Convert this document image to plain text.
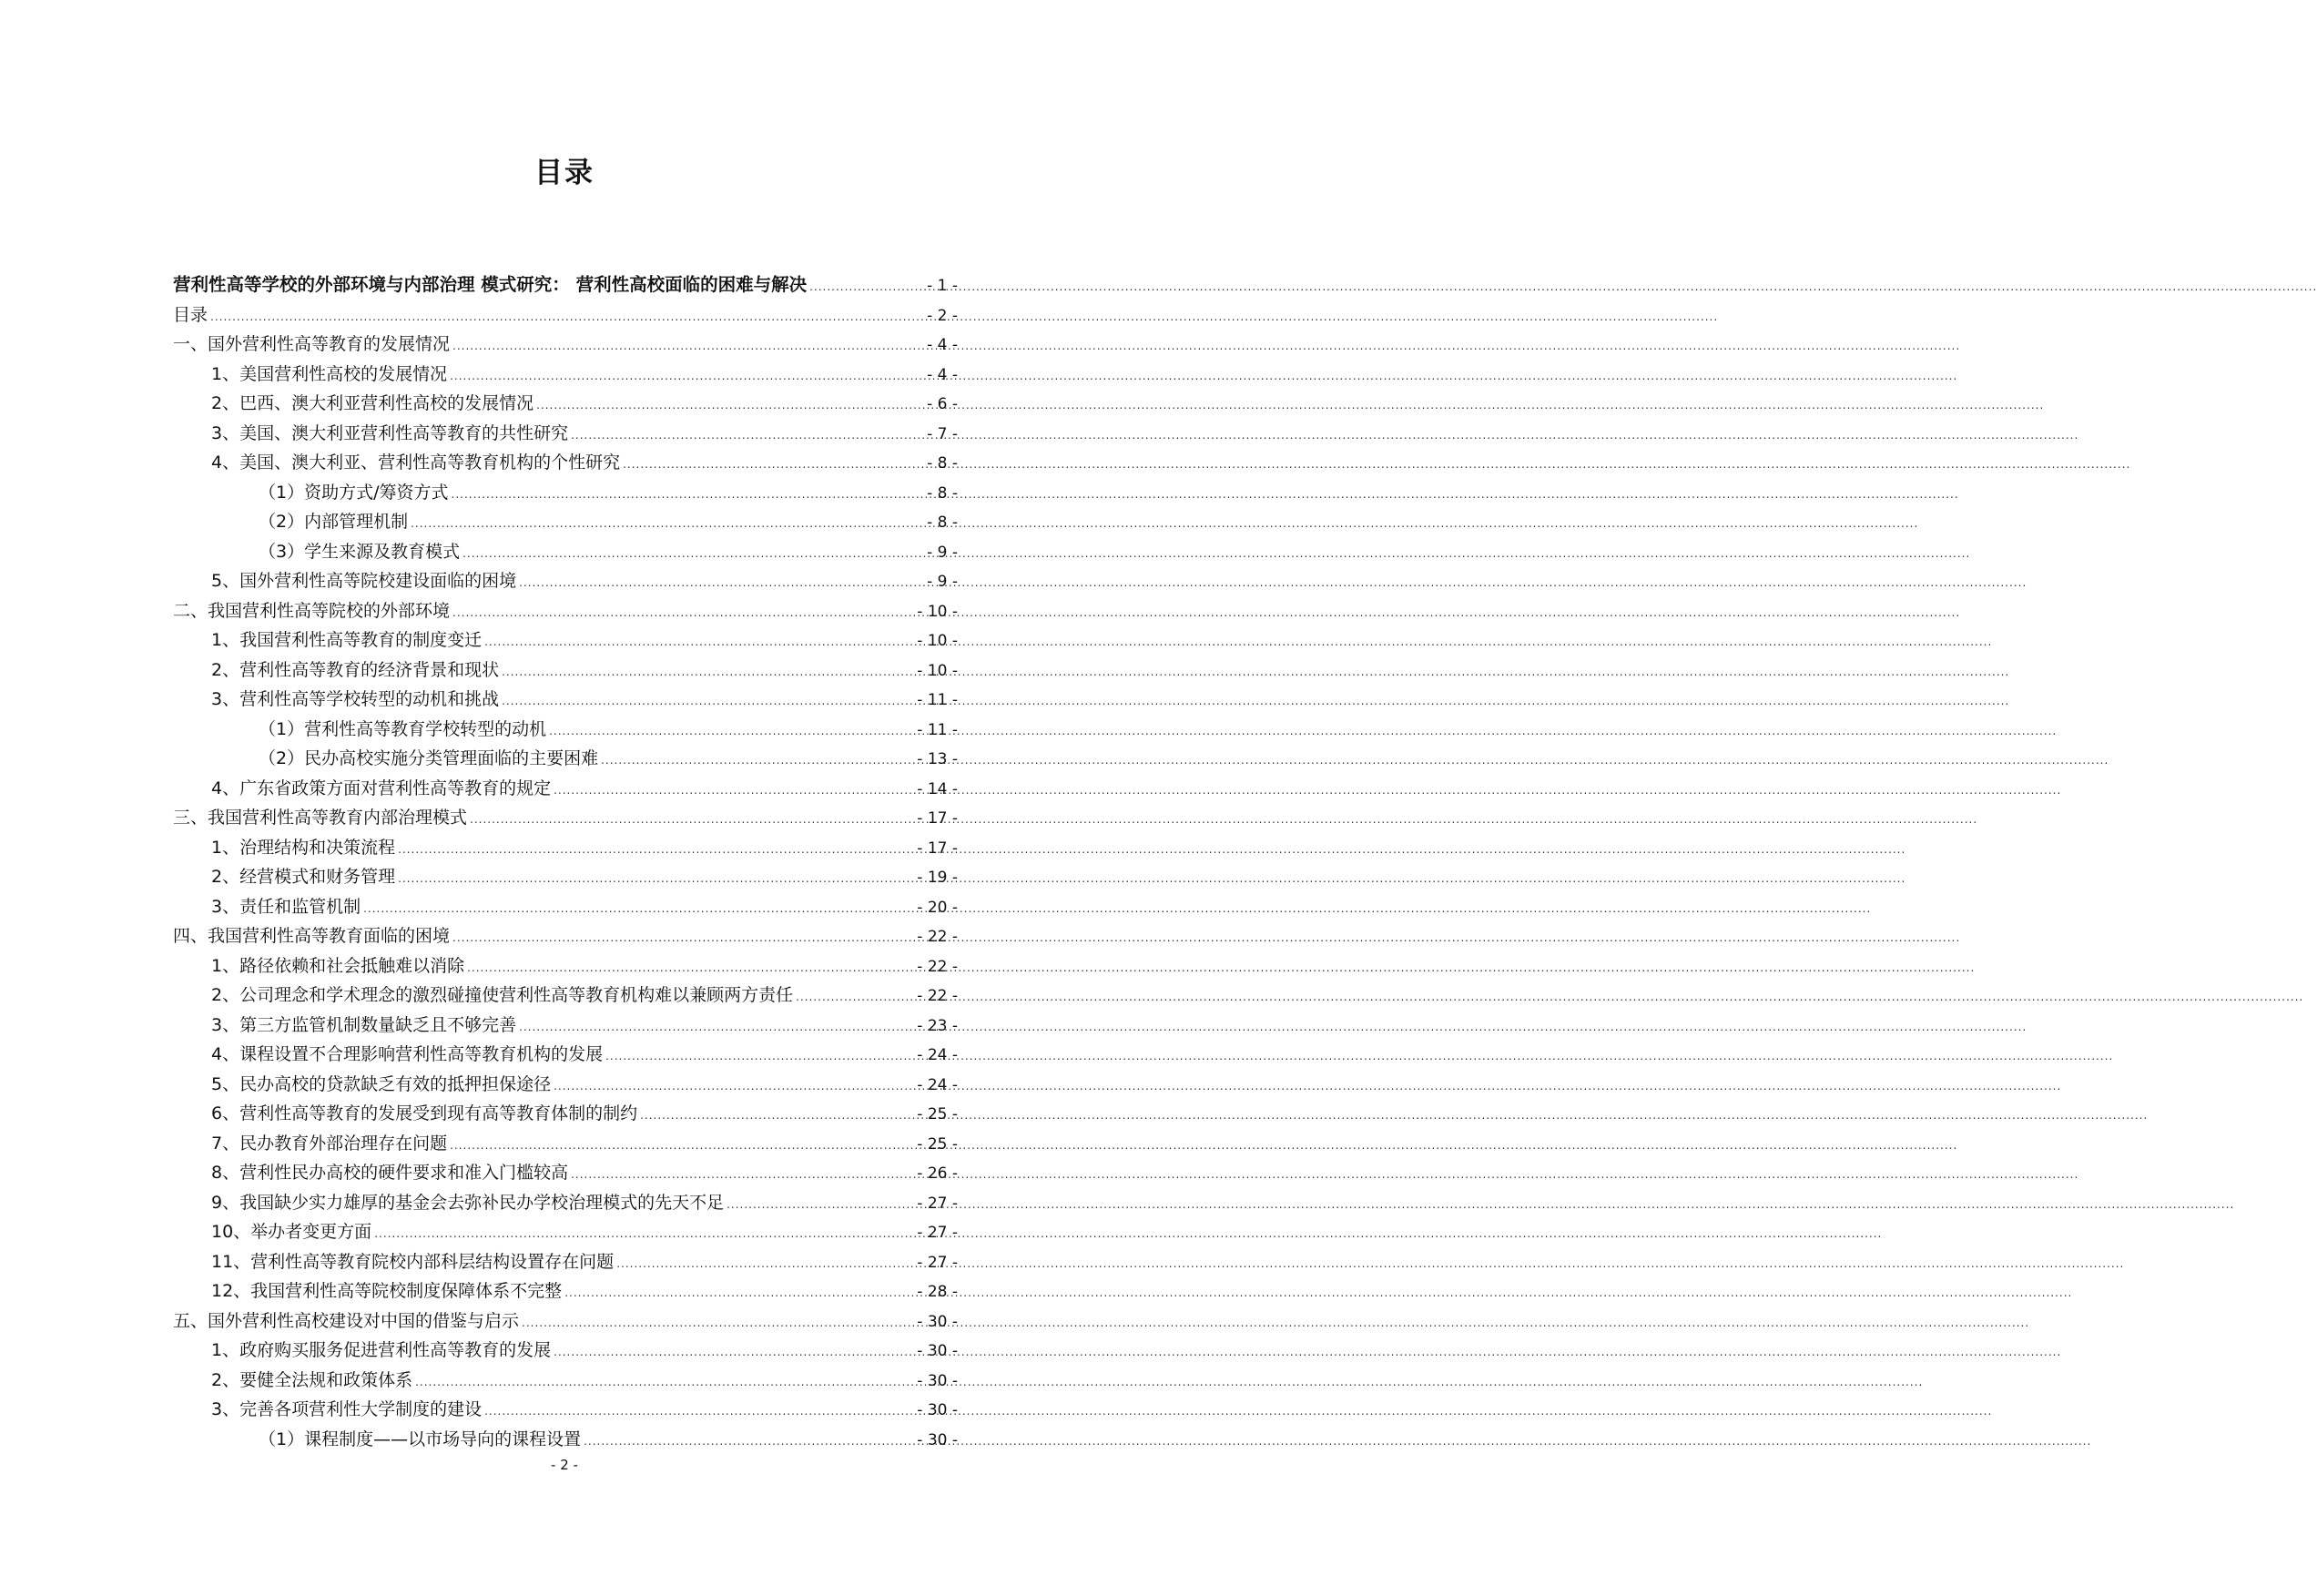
目录
营利性高等学校的外部环境与内部治理 模式研究： 营利性高校面临的困难与解决 .....	- 1 -
目录 .....	- 2 -
一、国外营利性高等教育的发展情况 .....	- 4 -
1、美国营利性高校的发展情况 .....	- 4 -
2、巴西、澳大利亚营利性高校的发展情况 .....	- 6 -
3、美国、澳大利亚营利性高等教育的共性研究 .....	- 7 -
4、美国、澳大利亚、营利性高等教育机构的个性研究 .....	- 8 -
（1）资助方式/筹资方式 .....	- 8 -
（2）内部管理机制 .....	- 8 -
（3）学生来源及教育模式 .....	- 9 -
5、国外营利性高等院校建设面临的困境 .....	- 9 -
二、我国营利性高等院校的外部环境 .....	- 10 -
1、我国营利性高等教育的制度变迁 .....	- 10 -
2、营利性高等教育的经济背景和现状 .....	- 10 -
3、营利性高等学校转型的动机和挑战 .....	- 11 -
（1）营利性高等教育学校转型的动机 .....	- 11 -
（2）民办高校实施分类管理面临的主要困难 .....	- 13 -
4、广东省政策方面对营利性高等教育的规定 .....	- 14 -
三、我国营利性高等教育内部治理模式 .....	- 17 -
1、治理结构和决策流程 .....	- 17 -
2、经营模式和财务管理 .....	- 19 -
3、责任和监管机制 .....	- 20 -
四、我国营利性高等教育面临的困境 .....	- 22 -
1、路径依赖和社会抵触难以消除 .....	- 22 -
2、公司理念和学术理念的激烈碰撞使营利性高等教育机构难以兼顾两方责任 .....	- 22 -
3、第三方监管机制数量缺乏且不够完善 .....	- 23 -
4、课程设置不合理影响营利性高等教育机构的发展 .....	- 24 -
5、民办高校的贷款缺乏有效的抵押担保途径 .....	- 24 -
6、营利性高等教育的发展受到现有高等教育体制的制约 .....	- 25 -
7、民办教育外部治理存在问题 .....	- 25 -
8、营利性民办高校的硬件要求和准入门槛较高 .....	- 26 -
9、我国缺少实力雄厚的基金会去弥补民办学校治理模式的先天不足 .....	- 27 -
10、举办者变更方面 .....	- 27 -
11、营利性高等教育院校内部科层结构设置存在问题 .....	- 27 -
12、我国营利性高等院校制度保障体系不完整 .....	- 28 -
五、国外营利性高校建设对中国的借鉴与启示 .....	- 30 -
1、政府购买服务促进营利性高等教育的发展 .....	- 30 -
2、要健全法规和政策体系 .....	- 30 -
3、完善各项营利性大学制度的建设 .....	- 30 -
（1）课程制度——以市场导向的课程设置 .....	- 30 -
- 2 -
